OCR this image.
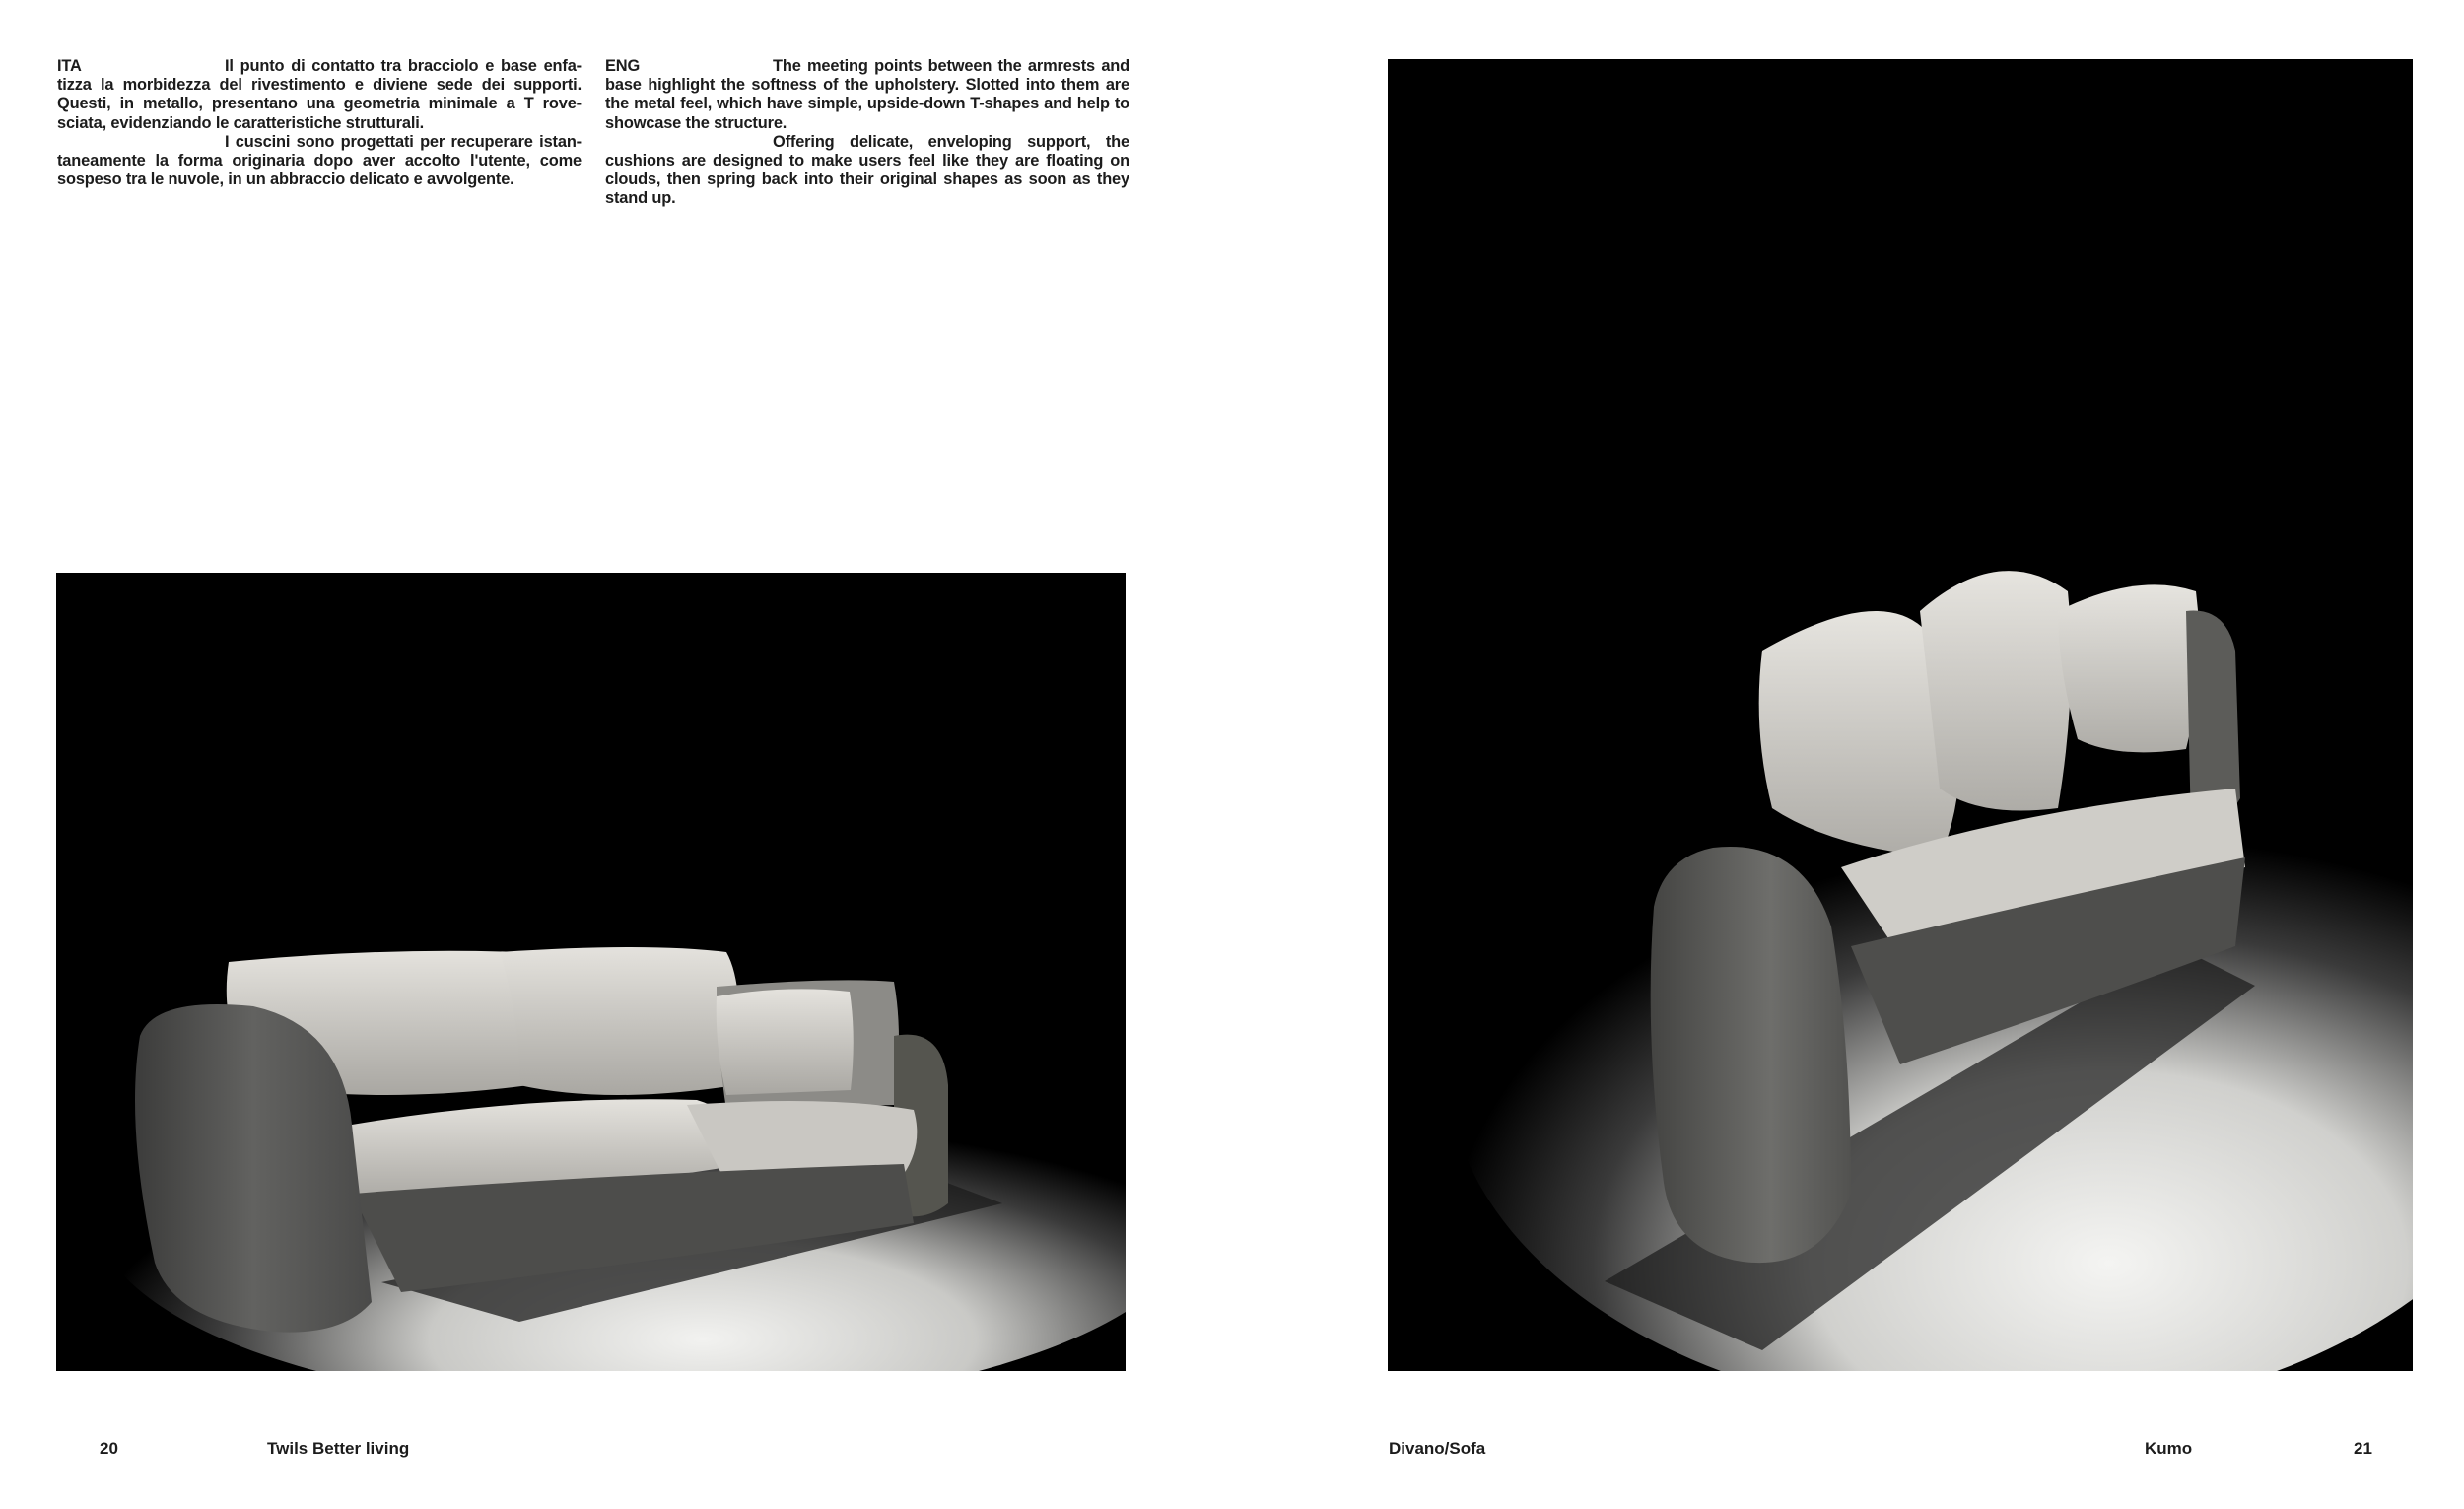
ITA	Il punto di contatto tra bracciolo e base enfa- tizza la morbidezza del rivestimento e diviene sede dei supporti. Questi, in metallo, presentano una geometria minimale a T rove-sciata, evidenziando le caratteristiche strutturali.

I cuscini sono progettati per recuperare istan- taneamente la forma originaria dopo aver accolto l'utente, come sospeso tra le nuvole, in un abbraccio delicato e avvolgente.

ENG	The meeting points between the armrests and base highlight the softness of the upholstery. Slotted into them are the metal feel, which have simple, upside-down T-shapes and help to showcase the structure.

Offering delicate, enveloping support, the cushions are designed to make users feel like they are floating on clouds, then spring back into their original shapes as soon as they stand up.

20	Twils Better living	Divano/Sofa	Kumo	21
